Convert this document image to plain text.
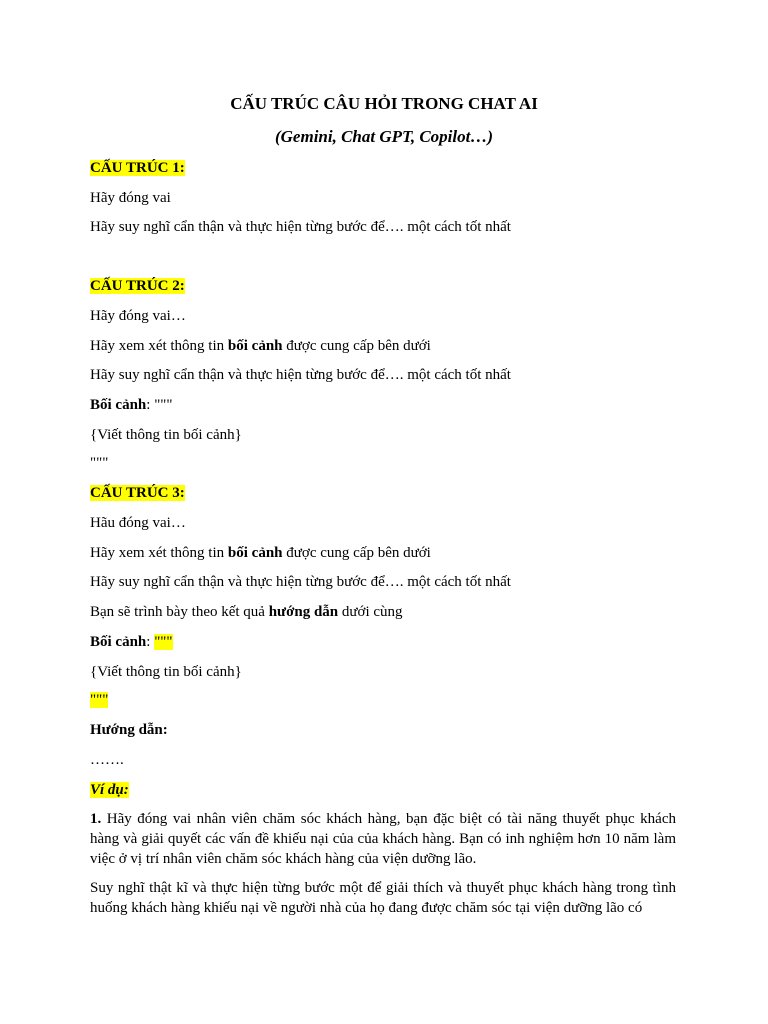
CẤU TRÚC CÂU HỎI TRONG CHAT AI

(Gemini, Chat GPT, Copilot…)

CẤU TRÚC 1:

Hãy đóng vai

Hãy suy nghĩ cẩn thận và thực hiện từng bước để…. một cách tốt nhất

CẤU TRÚC 2:

Hãy đóng vai…

Hãy xem xét thông tin bối cảnh được cung cấp bên dưới

Hãy suy nghĩ cẩn thận và thực hiện từng bước để…. một cách tốt nhất

Bối cảnh: """

{Viết thông tin bối cảnh}

"""

CẤU TRÚC 3:

Hãu đóng vai…

Hãy xem xét thông tin bối cảnh được cung cấp bên dưới

Hãy suy nghĩ cẩn thận và thực hiện từng bước để…. một cách tốt nhất

Bạn sẽ trình bày theo kết quả hướng dẫn dưới cùng

Bối cảnh: """

{Viết thông tin bối cảnh}

"""

Hướng dẫn:

…….

Ví dụ:

1. Hãy đóng vai nhân viên chăm sóc khách hàng, bạn đặc biệt có tài năng thuyết phục khách hàng và giải quyết các vấn đề khiếu nại của của khách hàng. Bạn có inh nghiệm hơn 10 năm làm việc ở vị trí nhân viên chăm sóc khách hàng của viện dưỡng lão.

Suy nghĩ thật kĩ và thực hiện từng bước một để giải thích và thuyết phục khách hàng trong tình huống khách hàng khiếu nại về người nhà của họ đang được chăm sóc tại viện dưỡng lão có
